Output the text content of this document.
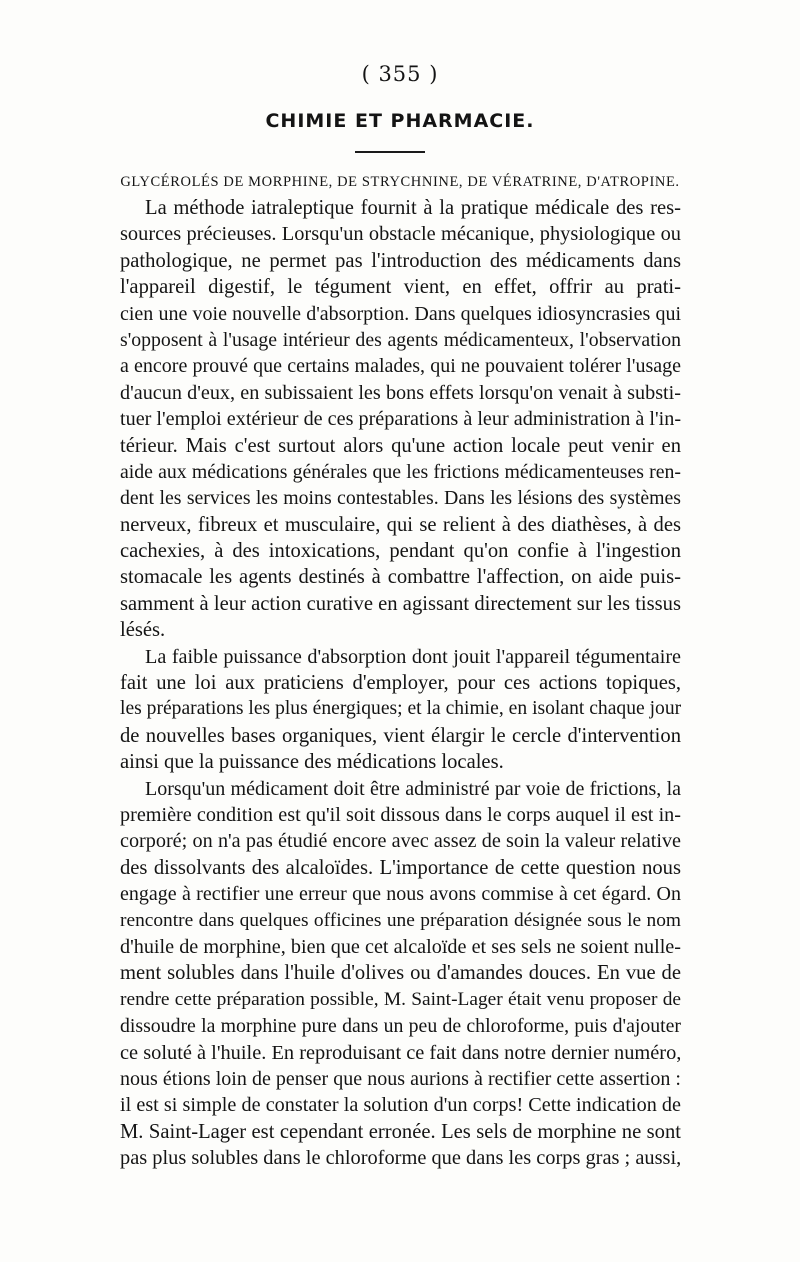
( 355 )
CHIMIE ET PHARMACIE.
GLYCÉROLÉS DE MORPHINE, DE STRYCHNINE, DE VÉRATRINE, D'ATROPINE.
La méthode iatraleptique fournit à la pratique médicale des res-
sources précieuses. Lorsqu'un obstacle mécanique, physiologique ou
pathologique, ne permet pas l'introduction des médicaments dans
l'appareil digestif, le tégument vient, en effet, offrir au prati-
cien une voie nouvelle d'absorption. Dans quelques idiosyncrasies qui
s'opposent à l'usage intérieur des agents médicamenteux, l'observation
a encore prouvé que certains malades, qui ne pouvaient tolérer l'usage
d'aucun d'eux, en subissaient les bons effets lorsqu'on venait à substi-
tuer l'emploi extérieur de ces préparations à leur administration à l'in-
térieur. Mais c'est surtout alors qu'une action locale peut venir en
aide aux médications générales que les frictions médicamenteuses ren-
dent les services les moins contestables. Dans les lésions des systèmes
nerveux, fibreux et musculaire, qui se relient à des diathèses, à des
cachexies, à des intoxications, pendant qu'on confie à l'ingestion
stomacale les agents destinés à combattre l'affection, on aide puis-
samment à leur action curative en agissant directement sur les tissus
lésés.
La faible puissance d'absorption dont jouit l'appareil tégumentaire
fait une loi aux praticiens d'employer, pour ces actions topiques,
les préparations les plus énergiques; et la chimie, en isolant chaque jour
de nouvelles bases organiques, vient élargir le cercle d'intervention
ainsi que la puissance des médications locales.
Lorsqu'un médicament doit être administré par voie de frictions, la
première condition est qu'il soit dissous dans le corps auquel il est in-
corporé; on n'a pas étudié encore avec assez de soin la valeur relative
des dissolvants des alcaloïdes. L'importance de cette question nous
engage à rectifier une erreur que nous avons commise à cet égard. On
rencontre dans quelques officines une préparation désignée sous le nom
d'huile de morphine, bien que cet alcaloïde et ses sels ne soient nulle-
ment solubles dans l'huile d'olives ou d'amandes douces. En vue de
rendre cette préparation possible, M. Saint-Lager était venu proposer de
dissoudre la morphine pure dans un peu de chloroforme, puis d'ajouter
ce soluté à l'huile. En reproduisant ce fait dans notre dernier numéro,
nous étions loin de penser que nous aurions à rectifier cette assertion :
il est si simple de constater la solution d'un corps! Cette indication de
M. Saint-Lager est cependant erronée. Les sels de morphine ne sont
pas plus solubles dans le chloroforme que dans les corps gras ; aussi,
